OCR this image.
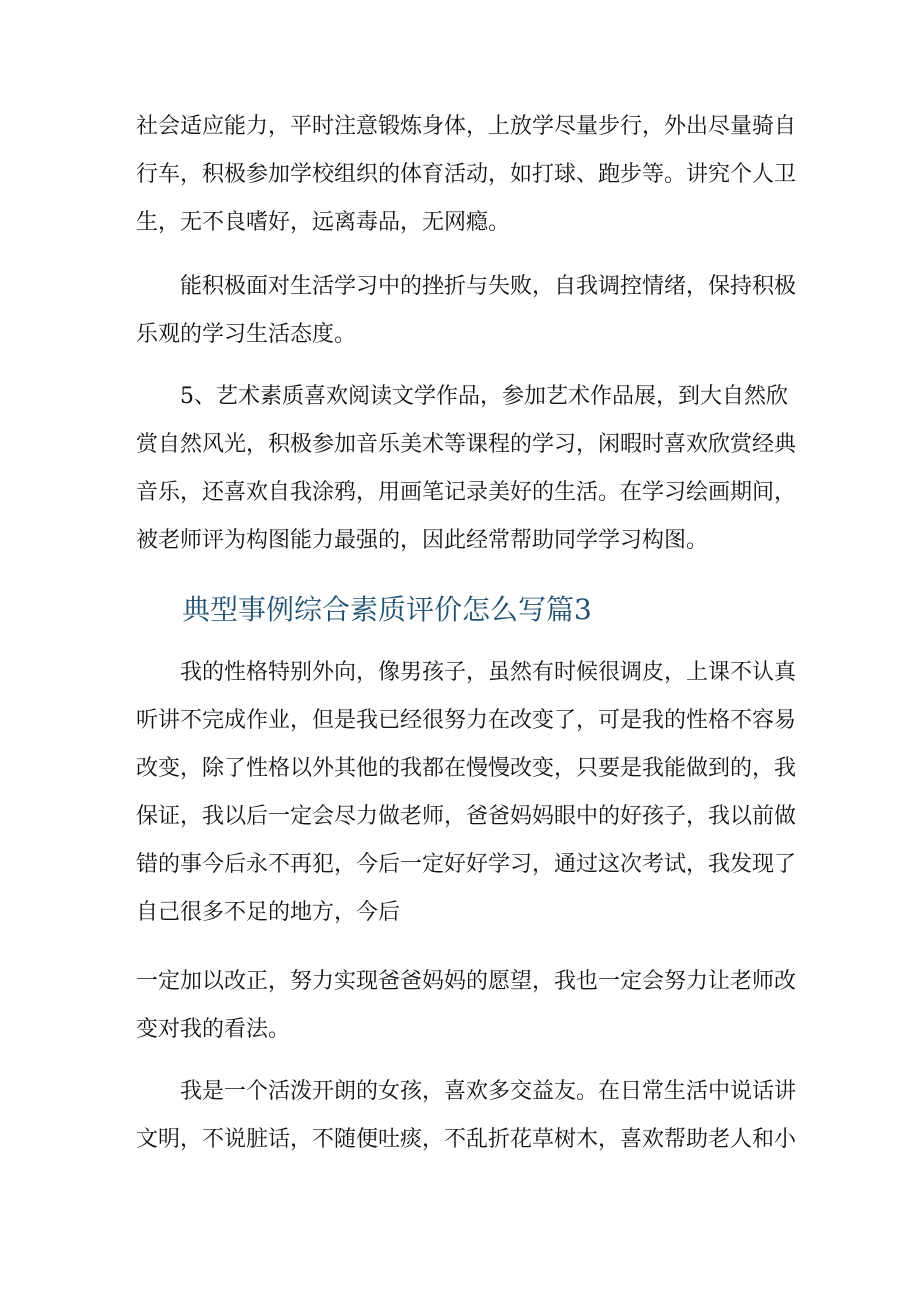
社会适应能力，平时注意锻炼身体，上放学尽量步行，外出尽量骑自
行车，积极参加学校组织的体育活动，如打球、跑步等。讲究个人卫
生，无不良嗜好，远离毒品，无网瘾。

　　能积极面对生活学习中的挫折与失败，自我调控情绪，保持积极
乐观的学习生活态度。

　　5、艺术素质喜欢阅读文学作品，参加艺术作品展，到大自然欣
赏自然风光，积极参加音乐美术等课程的学习，闲暇时喜欢欣赏经典
音乐，还喜欢自我涂鸦，用画笔记录美好的生活。在学习绘画期间，
被老师评为构图能力最强的，因此经常帮助同学学习构图。

典型事例综合素质评价怎么写篇3

　　我的性格特别外向，像男孩子，虽然有时候很调皮，上课不认真
听讲不完成作业，但是我已经很努力在改变了，可是我的性格不容易
改变，除了性格以外其他的我都在慢慢改变，只要是我能做到的，我
保证，我以后一定会尽力做老师，爸爸妈妈眼中的好孩子，我以前做
错的事今后永不再犯，今后一定好好学习，通过这次考试，我发现了
自己很多不足的地方，今后

一定加以改正，努力实现爸爸妈妈的愿望，我也一定会努力让老师改
变对我的看法。

　　我是一个活泼开朗的女孩，喜欢多交益友。在日常生活中说话讲
文明，不说脏话，不随便吐痰，不乱折花草树木，喜欢帮助老人和小
